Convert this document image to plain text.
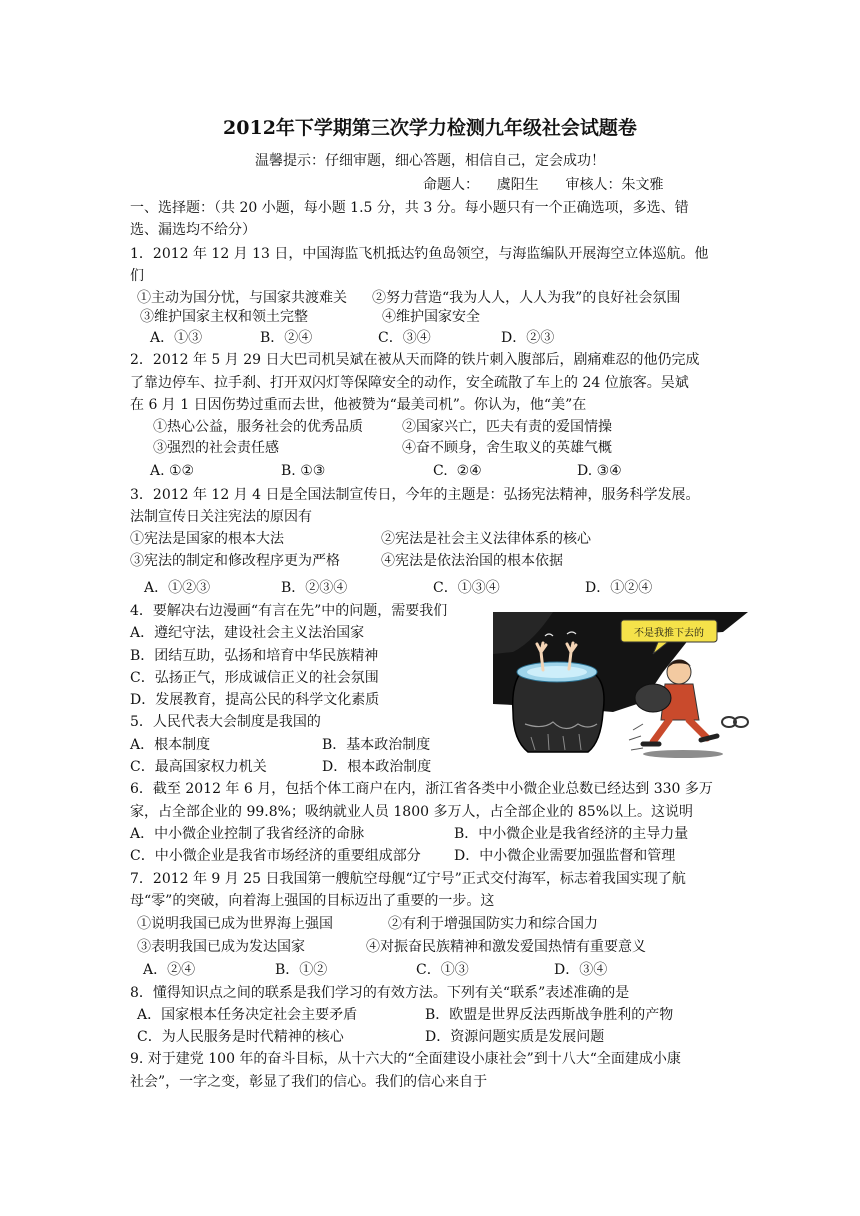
2012年下学期第三次学力检测九年级社会试题卷
温馨提示：仔细审题，细心答题，相信自己，定会成功！
命题人：    虞阳生      审核人：朱文雅
一、选择题：（共 20 小题，每小题 1.5 分，共 3 分。每小题只有一个正确选项，多选、错
选、漏选均不给分）
1．2012 年 12 月 13 日，中国海监飞机抵达钓鱼岛领空，与海监编队开展海空立体巡航。他
们
①主动为国分忧，与国家共渡难关 ②努力营造“我为人人，人人为我”的良好社会氛围
③维护国家主权和领土完整	④维护国家安全
A．①③	B．②④	C．③④	D．②③
2．2012 年 5 月 29 日大巴司机吴斌在被从天而降的铁片刺入腹部后，剧痛难忍的他仍完成
了靠边停车、拉手刹、打开双闪灯等保障安全的动作，安全疏散了车上的 24 位旅客。吴斌
在 6 月 1 日因伤势过重而去世，他被赞为“最美司机”。你认为，他“美”在
①热心公益，服务社会的优秀品质	②国家兴亡，匹夫有责的爱国情操
③强烈的社会责任感	④奋不顾身，舍生取义的英雄气概
A. ①②	B. ①③	C.  ②④	D. ③④
3．2012 年 12 月 4 日是全国法制宣传日，今年的主题是：弘扬宪法精神，服务科学发展。
法制宣传日关注宪法的原因有
①宪法是国家的根本大法	②宪法是社会主义法律体系的核心
③宪法的制定和修改程序更为严格	④宪法是依法治国的根本依据
A．①②③	B．②③④	C．①③④	D．①②④
4．要解决右边漫画“有言在先”中的问题，需要我们
A．遵纪守法，建设社会主义法治国家
B．团结互助，弘扬和培育中华民族精神
C．弘扬正气，形成诚信正义的社会氛围
D．发展教育，提高公民的科学文化素质
不是我推下去的
5．人民代表大会制度是我国的
A．根本制度	B．基本政治制度
C．最高国家权力机关	D．根本政治制度
6．截至 2012 年 6 月，包括个体工商户在内，浙江省各类中小微企业总数已经达到 330 多万
家，占全部企业的 99.8%；吸纳就业人员 1800 多万人，占全部企业的 85%以上。这说明
A．中小微企业控制了我省经济的命脉	B．中小微企业是我省经济的主导力量
C．中小微企业是我省市场经济的重要组成部分 D．中小微企业需要加强监督和管理
7．2012 年 9 月 25 日我国第一艘航空母舰“辽宁号”正式交付海军，标志着我国实现了航
母“零”的突破，向着海上强国的目标迈出了重要的一步。这
①说明我国已成为世界海上强国	②有利于增强国防实力和综合国力
③表明我国已成为发达国家	④对振奋民族精神和激发爱国热情有重要意义
A．②④	B．①②	C．①③	D．③④
8．懂得知识点之间的联系是我们学习的有效方法。下列有关“联系”表述准确的是
A．国家根本任务决定社会主要矛盾	B．欧盟是世界反法西斯战争胜利的产物
C．为人民服务是时代精神的核心	D．资源问题实质是发展问题
9. 对于建党 100 年的奋斗目标，从十六大的“全面建设小康社会”到十八大“全面建成小康
社会”，一字之变，彰显了我们的信心。我们的信心来自于
